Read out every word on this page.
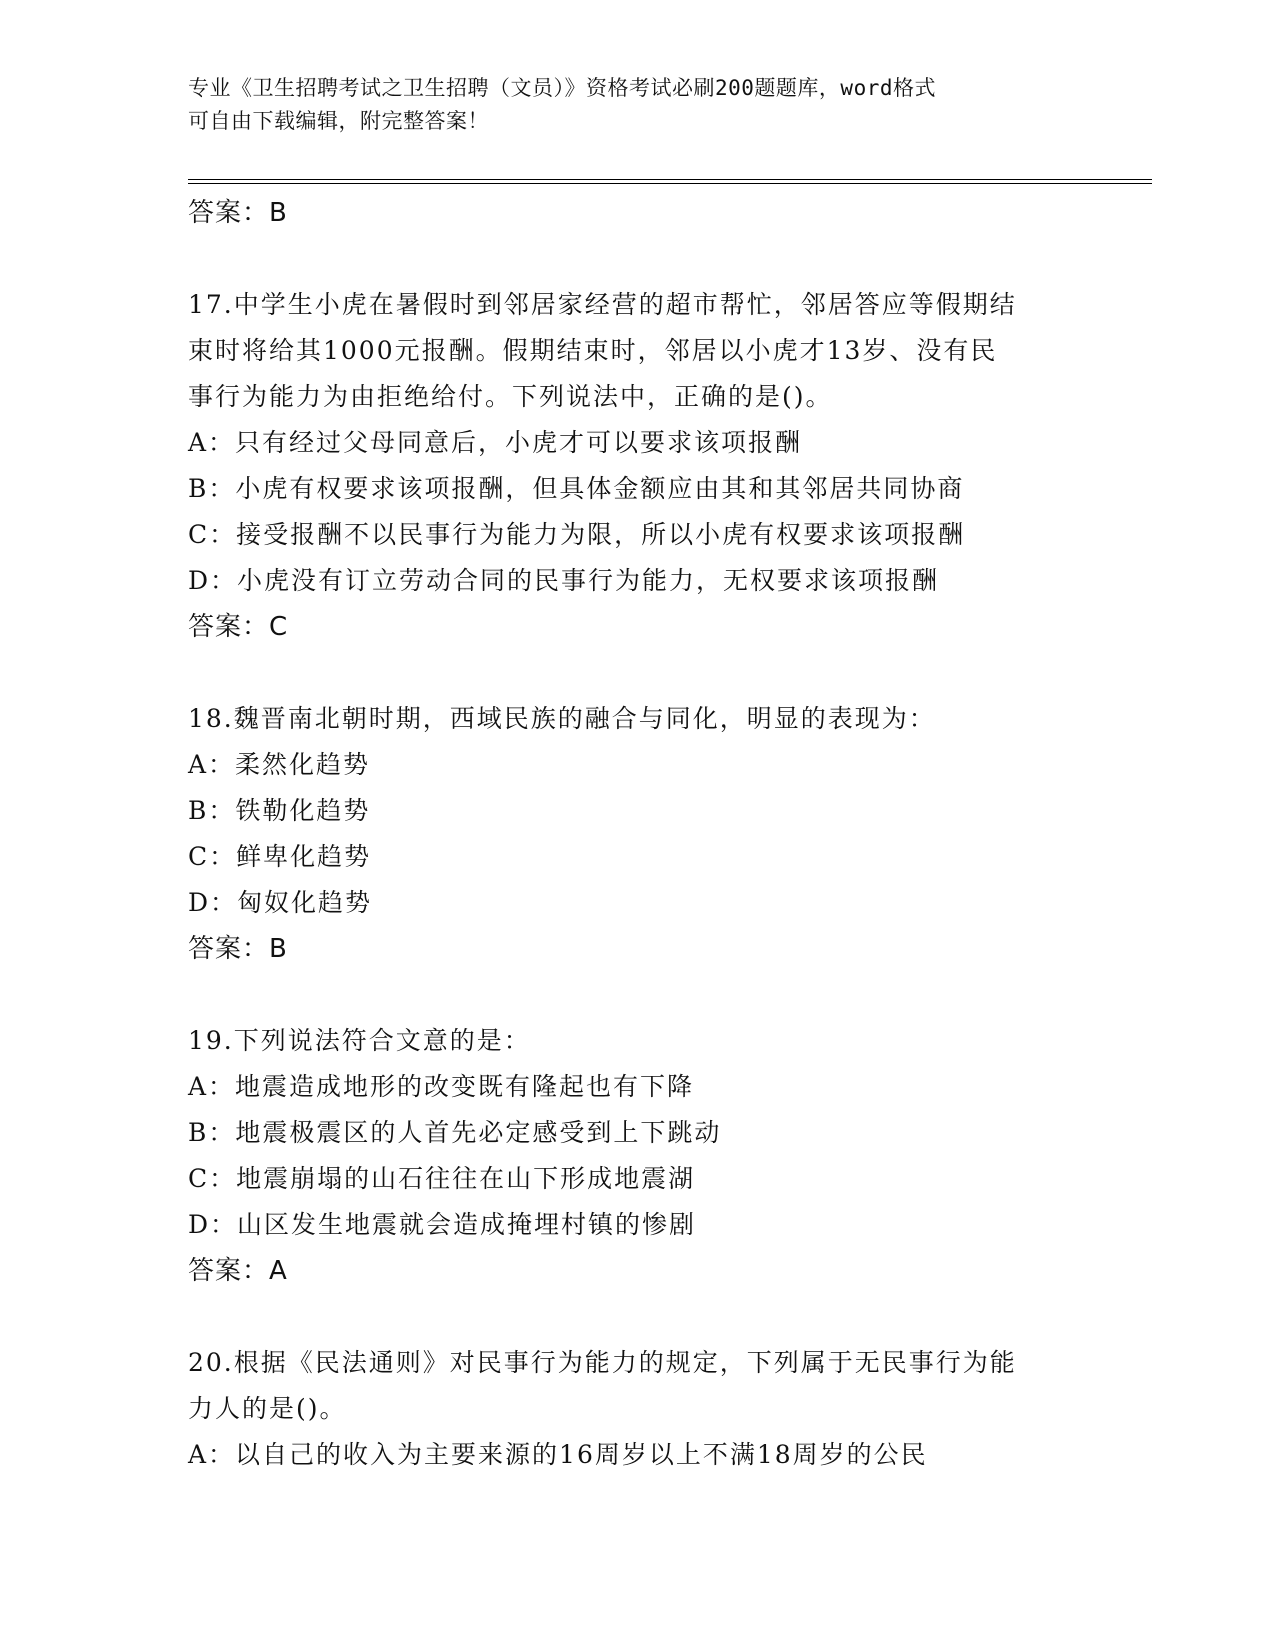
专业《卫生招聘考试之卫生招聘（文员）》资格考试必刷200题题库，word格式
可自由下载编辑，附完整答案！
答案：B
17.中学生小虎在暑假时到邻居家经营的超市帮忙，邻居答应等假期结
束时将给其1000元报酬。假期结束时，邻居以小虎才13岁、没有民
事行为能力为由拒绝给付。下列说法中，正确的是()。
A：只有经过父母同意后，小虎才可以要求该项报酬
B：小虎有权要求该项报酬，但具体金额应由其和其邻居共同协商
C：接受报酬不以民事行为能力为限，所以小虎有权要求该项报酬
D：小虎没有订立劳动合同的民事行为能力，无权要求该项报酬
答案：C
18.魏晋南北朝时期，西域民族的融合与同化，明显的表现为：
A：柔然化趋势
B：铁勒化趋势
C：鲜卑化趋势
D：匈奴化趋势
答案：B
19.下列说法符合文意的是：
A：地震造成地形的改变既有隆起也有下降
B：地震极震区的人首先必定感受到上下跳动
C：地震崩塌的山石往往在山下形成地震湖
D：山区发生地震就会造成掩埋村镇的惨剧
答案：A
20.根据《民法通则》对民事行为能力的规定，下列属于无民事行为能
力人的是()。
A：以自己的收入为主要来源的16周岁以上不满18周岁的公民
